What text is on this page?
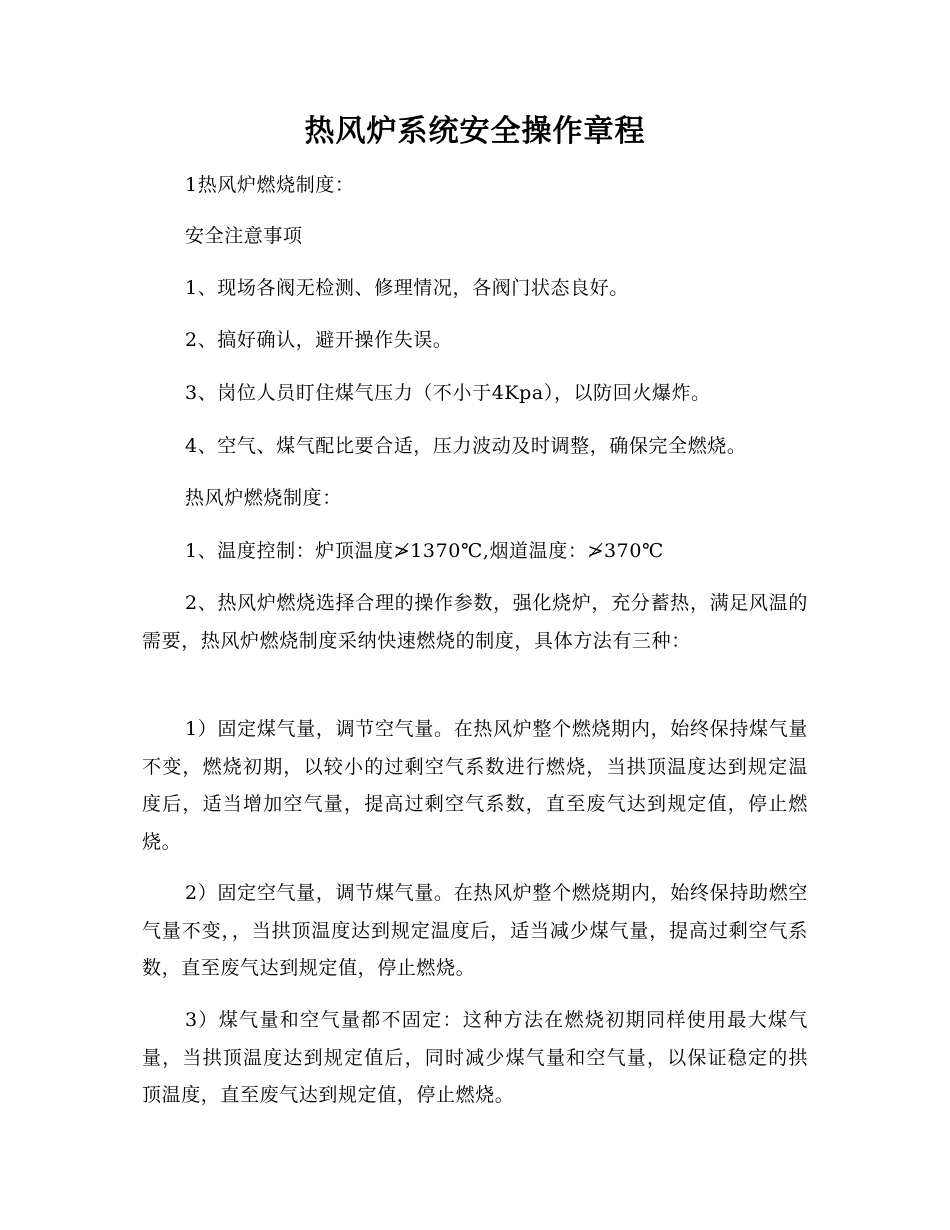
热风炉系统安全操作章程
1热风炉燃烧制度：
安全注意事项
1、现场各阀无检测、修理情况，各阀门状态良好。
2、搞好确认，避开操作失误。
3、岗位人员盯住煤气压力（不小于4Kpa），以防回火爆炸。
4、空气、煤气配比要合适，压力波动及时调整，确保完全燃烧。
热风炉燃烧制度：
1、温度控制：炉顶温度≯1370℃,烟道温度：≯370℃
2、热风炉燃烧选择合理的操作参数，强化烧炉，充分蓄热，满足风温的需要，热风炉燃烧制度采纳快速燃烧的制度，具体方法有三种：
1）固定煤气量，调节空气量。在热风炉整个燃烧期内，始终保持煤气量不变，燃烧初期，以较小的过剩空气系数进行燃烧，当拱顶温度达到规定温度后，适当增加空气量，提高过剩空气系数，直至废气达到规定值，停止燃烧。
2）固定空气量，调节煤气量。在热风炉整个燃烧期内，始终保持助燃空气量不变，，当拱顶温度达到规定温度后，适当减少煤气量，提高过剩空气系数，直至废气达到规定值，停止燃烧。
3）煤气量和空气量都不固定：这种方法在燃烧初期同样使用最大煤气量，当拱顶温度达到规定值后，同时减少煤气量和空气量，以保证稳定的拱顶温度，直至废气达到规定值，停止燃烧。
